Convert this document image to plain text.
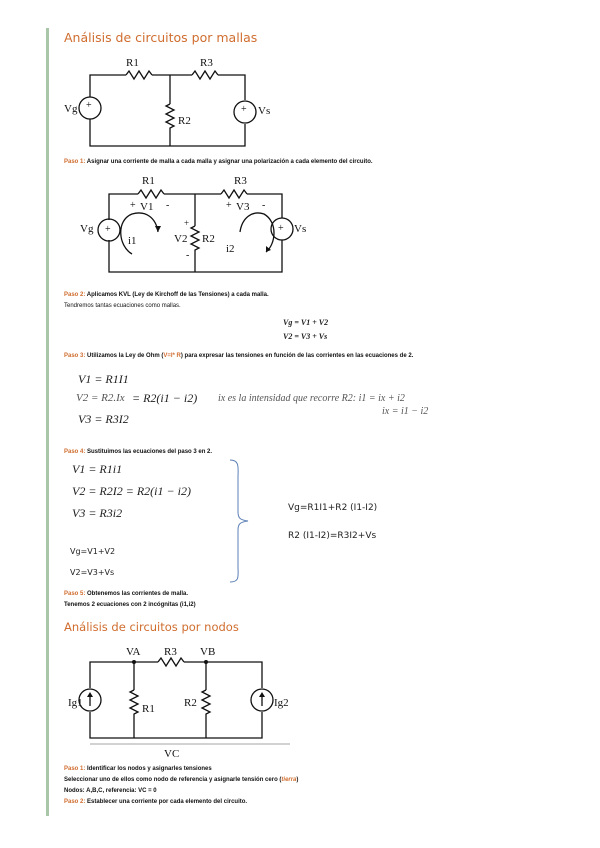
Análisis de circuitos por mallas
+	+
R1	R3
R2
Vg	Vs
Paso 1: Asignar una corriente de malla a cada malla y asignar una polarización a cada elemento del circuito.
+	+
R1	R3
+ V1 -	+ V3 -
+
V2
-
R2
i1
i2
Vg	Vs
Paso 2: Aplicamos KVL (Ley de Kirchoff de las Tensiones) a cada malla.
Tendremos tantas ecuaciones como mallas.
Vg = V1 + V2
V2 = V3 + Vs
Paso 3: Utilizamos la Ley de Ohm (V=I* R) para expresar las tensiones en función de las corrientes en las ecuaciones de 2.
V1 = R1I1
V2 = R2.Ix = R2(i1 − i2)
V3 = R3I2
ix es la intensidad que recorre R2: i1 = ix + i2
ix = i1 − i2
Paso 4: Sustituimos las ecuaciones del paso 3 en 2.
V1 = R1i1
V2 = R2I2 = R2(i1 − i2)
V3 = R3i2
Vg=V1+V2
V2=V3+Vs
Vg=R1I1+R2 (I1-I2)
R2 (I1-I2)=R3I2+Vs
Paso 5: Obtenemos las corrientes de malla.
Tenemos 2 ecuaciones con 2 incógnitas (i1,i2)
Análisis de circuitos por nodos
VA	VB
R3
R1	R2
Ig1	Ig2
VC
Paso 1: Identificar los nodos y asignarles tensiones
Seleccionar uno de ellos como nodo de referencia y asignarle tensión cero (tierra)
Nodos: A,B,C, referencia: VC = 0
Paso 2: Establecer una corriente por cada elemento del circuito.
